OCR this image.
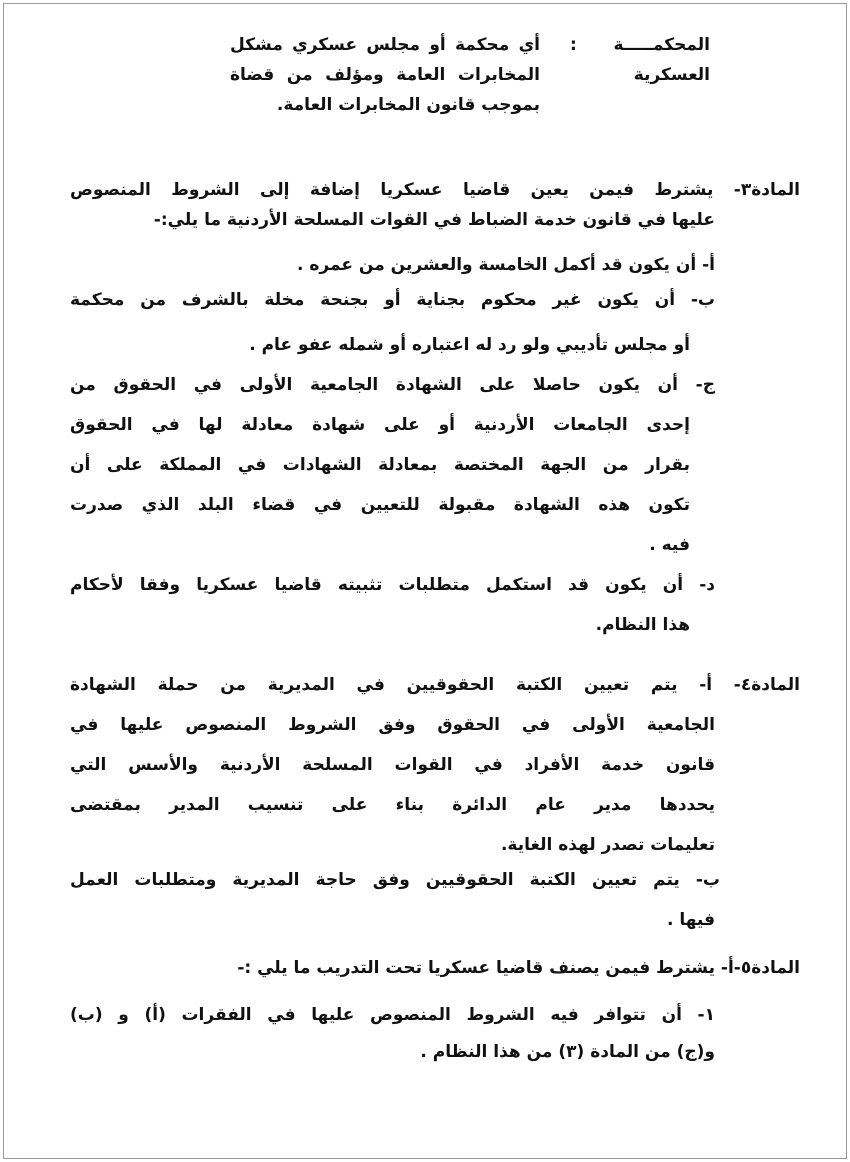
المحكمـــــة
العسكرية
:
أي محكمة أو مجلس عسكري مشكل
المخابرات العامة ومؤلف من قضاة
بموجب قانون المخابرات العامة.
المادة٣- يشترط فيمن يعين قاضيا عسكريا إضافة إلى الشروط المنصوص
عليها في قانون خدمة الضباط في القوات المسلحة الأردنية ما يلي:-
أ- أن يكون قد أكمل الخامسة والعشرين من عمره .
ب- أن يكون غير محكوم بجناية أو بجنحة مخلة بالشرف من محكمة
أو مجلس تأديبي ولو رد له اعتباره أو شمله عفو عام .
ج- أن يكون حاصلا على الشهادة الجامعية الأولى في الحقوق من
إحدى الجامعات الأردنية أو على شهادة معادلة لها في الحقوق
بقرار من الجهة المختصة بمعادلة الشهادات في المملكة على أن
تكون هذه الشهادة مقبولة للتعيين في قضاء البلد الذي صدرت
فيه .
د- أن يكون قد استكمل متطلبات تثبيته قاضيا عسكريا وفقا لأحكام
هذا النظام.
المادة٤- أ- يتم تعيين الكتبة الحقوقيين في المديرية من حملة الشهادة
الجامعية الأولى في الحقوق وفق الشروط المنصوص عليها في
قانون خدمة الأفراد في القوات المسلحة الأردنية والأسس التي
يحددها مدير عام الدائرة بناء على تنسيب المدير بمقتضى
تعليمات تصدر لهذه الغاية.
ب- يتم تعيين الكتبة الحقوقيين وفق حاجة المديرية ومتطلبات العمل
فيها .
المادة٥-أ- يشترط فيمن يصنف قاضيا عسكريا تحت التدريب ما يلي :-
١- أن تتوافر فيه الشروط المنصوص عليها في الفقرات (أ) و (ب)
و(ج) من المادة (٣) من هذا النظام .
